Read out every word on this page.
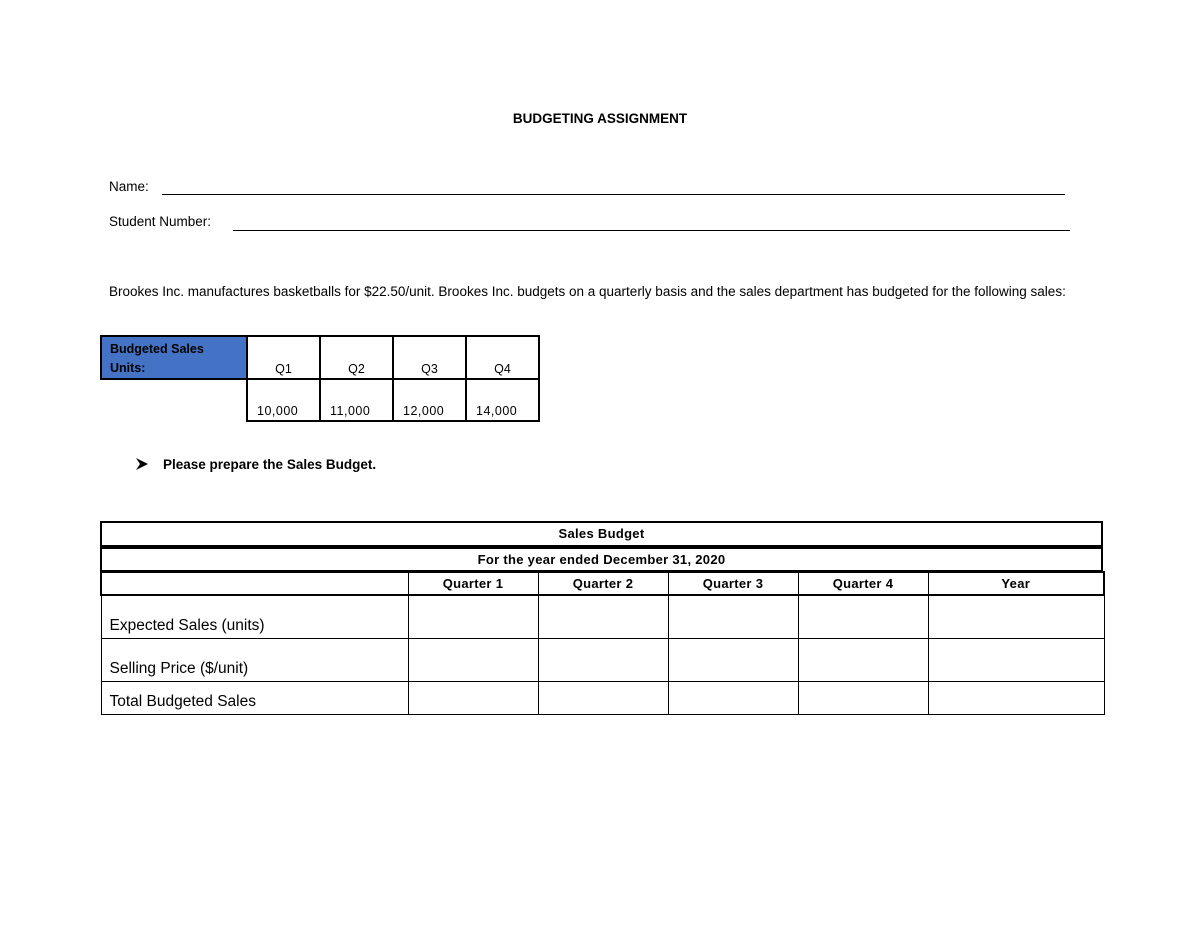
BUDGETING ASSIGNMENT
Name:
Student Number:
Brookes Inc. manufactures basketballs for $22.50/unit. Brookes Inc. budgets on a quarterly basis and the sales department has budgeted for the following sales:
Budgeted Sales
Units:	Q1	Q2	Q3	Q4
	10,000	11,000	12,000	14,000
Please prepare the Sales Budget.
Sales Budget
For the year ended December 31, 2020
	Quarter 1	Quarter 2	Quarter 3	Quarter 4	Year
Expected Sales (units)					
Selling Price ($/unit)					
Total Budgeted Sales					
